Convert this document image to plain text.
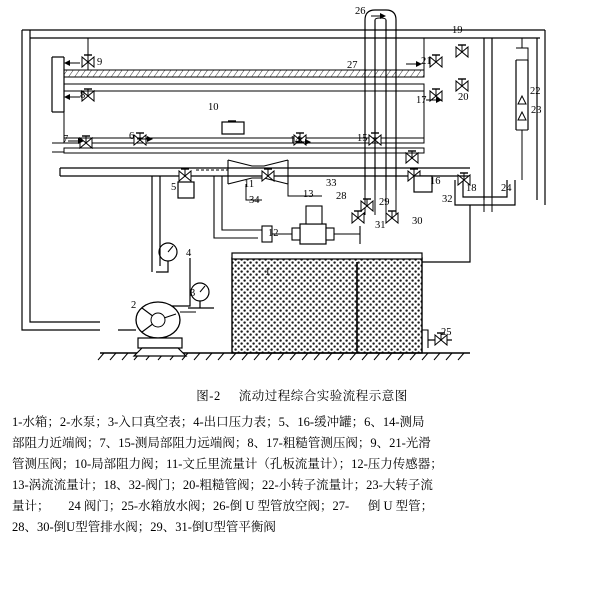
1
2
3
4
5
6
7
8
9
10
11
12
13
14	15
16
17
18
19
20
21
22
23
24
25
26
27
28
29
30
31
32
33
34
图-2 流动过程综合实验流程示意图
1-水箱；2-水泵；3-入口真空表；4-出口压力表；5、16-缓冲罐；6、14-测局
部阻力近端阀；7、15-测局部阻力远端阀；8、17-粗糙管测压阀；9、21-光滑
管测压阀；10-局部阻力阀；11-文丘里流量计（孔板流量计）；12-压力传感器；
13-涡流流量计；18、32-阀门；20-粗糙管阀；22-小转子流量计；23-大转子流
量计；      24 阀门；25-水箱放水阀；26-倒 U 型管放空阀；27-      倒 U 型管；
28、30-倒U型管排水阀；29、31-倒U型管平衡阀
